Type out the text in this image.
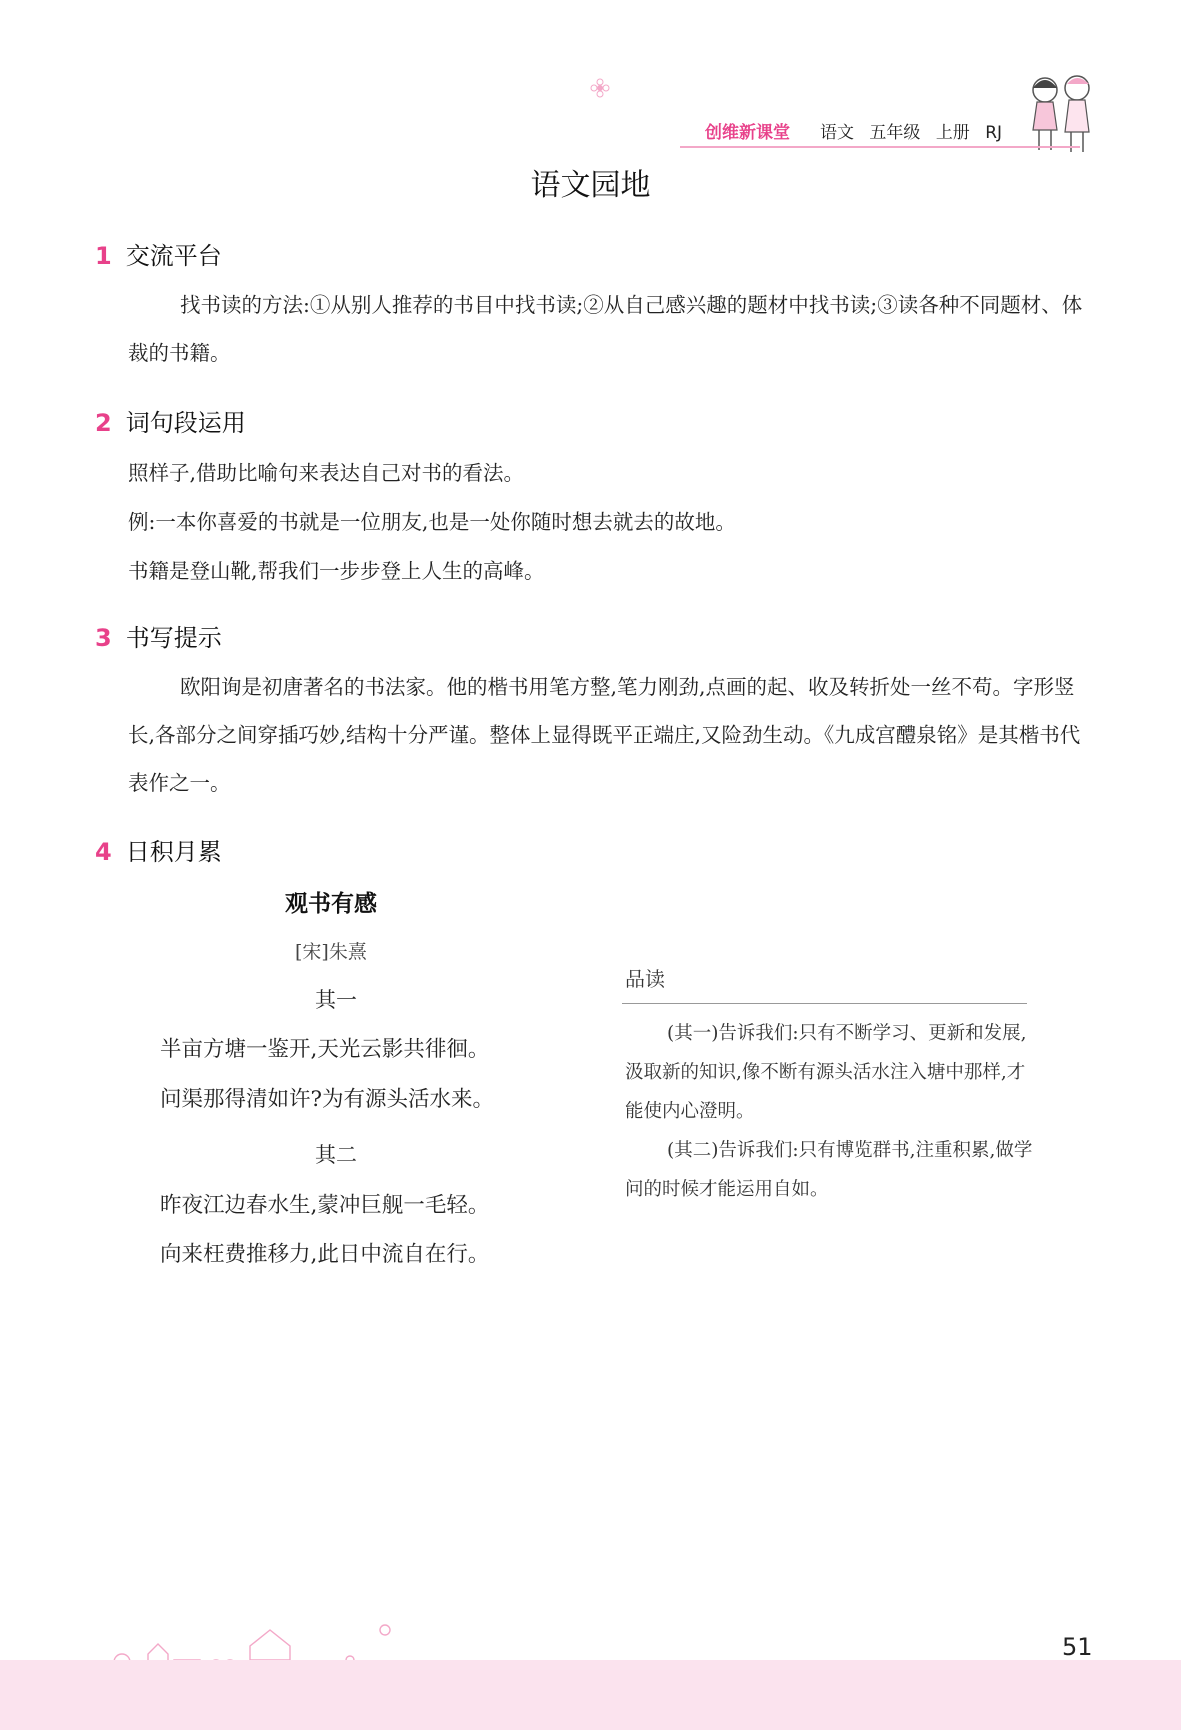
创维新课堂 语文 五年级 上册 RJ
语文园地
1 交流平台
找书读的方法:①从别人推荐的书目中找书读;②从自己感兴趣的题材中找书读;③读各种不同题材、体裁的书籍。
2 词句段运用
照样子,借助比喻句来表达自己对书的看法。
例:一本你喜爱的书就是一位朋友,也是一处你随时想去就去的故地。
书籍是登山靴,帮我们一步步登上人生的高峰。
3 书写提示
欧阳询是初唐著名的书法家。他的楷书用笔方整,笔力刚劲,点画的起、收及转折处一丝不苟。字形竖长,各部分之间穿插巧妙,结构十分严谨。整体上显得既平正端庄,又险劲生动。《九成宫醴泉铭》是其楷书代表作之一。
4 日积月累
观书有感
[宋]朱熹
其一
半亩方塘一鉴开,天光云影共徘徊。
问渠那得清如许?为有源头活水来。
其二
昨夜江边春水生,蒙冲巨舰一毛轻。
向来枉费推移力,此日中流自在行。
品读
(其一)告诉我们:只有不断学习、更新和发展,汲取新的知识,像不断有源头活水注入塘中那样,才能使内心澄明。
(其二)告诉我们:只有博览群书,注重积累,做学问的时候才能运用自如。
51
